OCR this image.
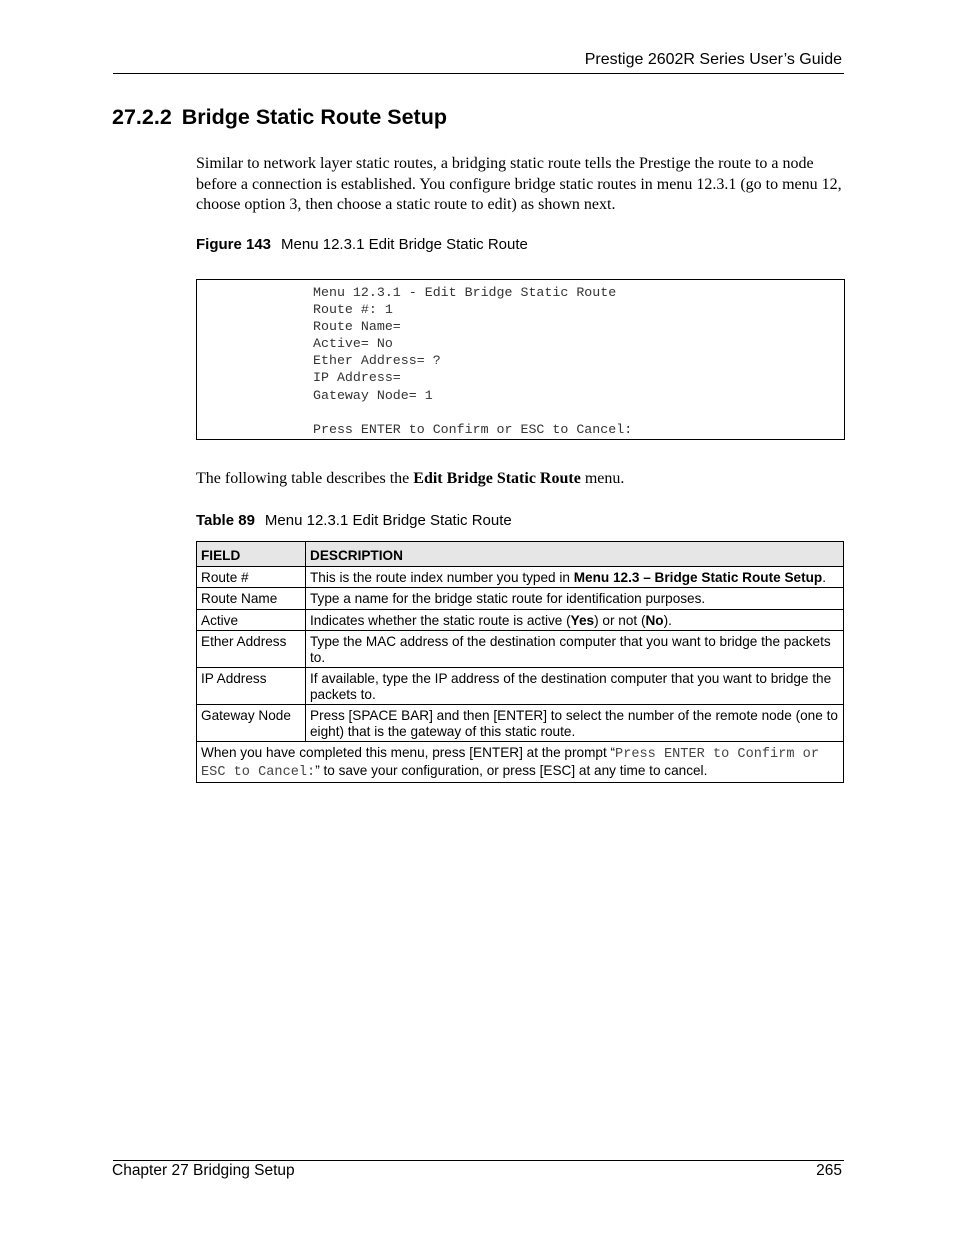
Prestige 2602R Series User’s Guide
27.2.2 Bridge Static Route Setup

Similar to network layer static routes, a bridging static route tells the Prestige the route to a node before a connection is established. You configure bridge static routes in menu 12.3.1 (go to menu 12, choose option 3, then choose a static route to edit) as shown next.

Figure 143 Menu 12.3.1 Edit Bridge Static Route

Menu 12.3.1 - Edit Bridge Static Route
Route #: 1
Route Name=
Active= No
Ether Address= ?
IP Address=
Gateway Node= 1
Press ENTER to Confirm or ESC to Cancel:

The following table describes the Edit Bridge Static Route menu.

Table 89 Menu 12.3.1 Edit Bridge Static Route

FIELD	DESCRIPTION
Route #	This is the route index number you typed in Menu 12.3 – Bridge Static Route Setup.
Route Name	Type a name for the bridge static route for identification purposes.
Active	Indicates whether the static route is active (Yes) or not (No).
Ether Address	Type the MAC address of the destination computer that you want to bridge the packets to.
IP Address	If available, type the IP address of the destination computer that you want to bridge the packets to.
Gateway Node	Press [SPACE BAR] and then [ENTER] to select the number of the remote node (one to eight) that is the gateway of this static route.
When you have completed this menu, press [ENTER] at the prompt “Press ENTER to Confirm or ESC to Cancel:” to save your configuration, or press [ESC] at any time to cancel.	
Chapter 27 Bridging Setup	265
